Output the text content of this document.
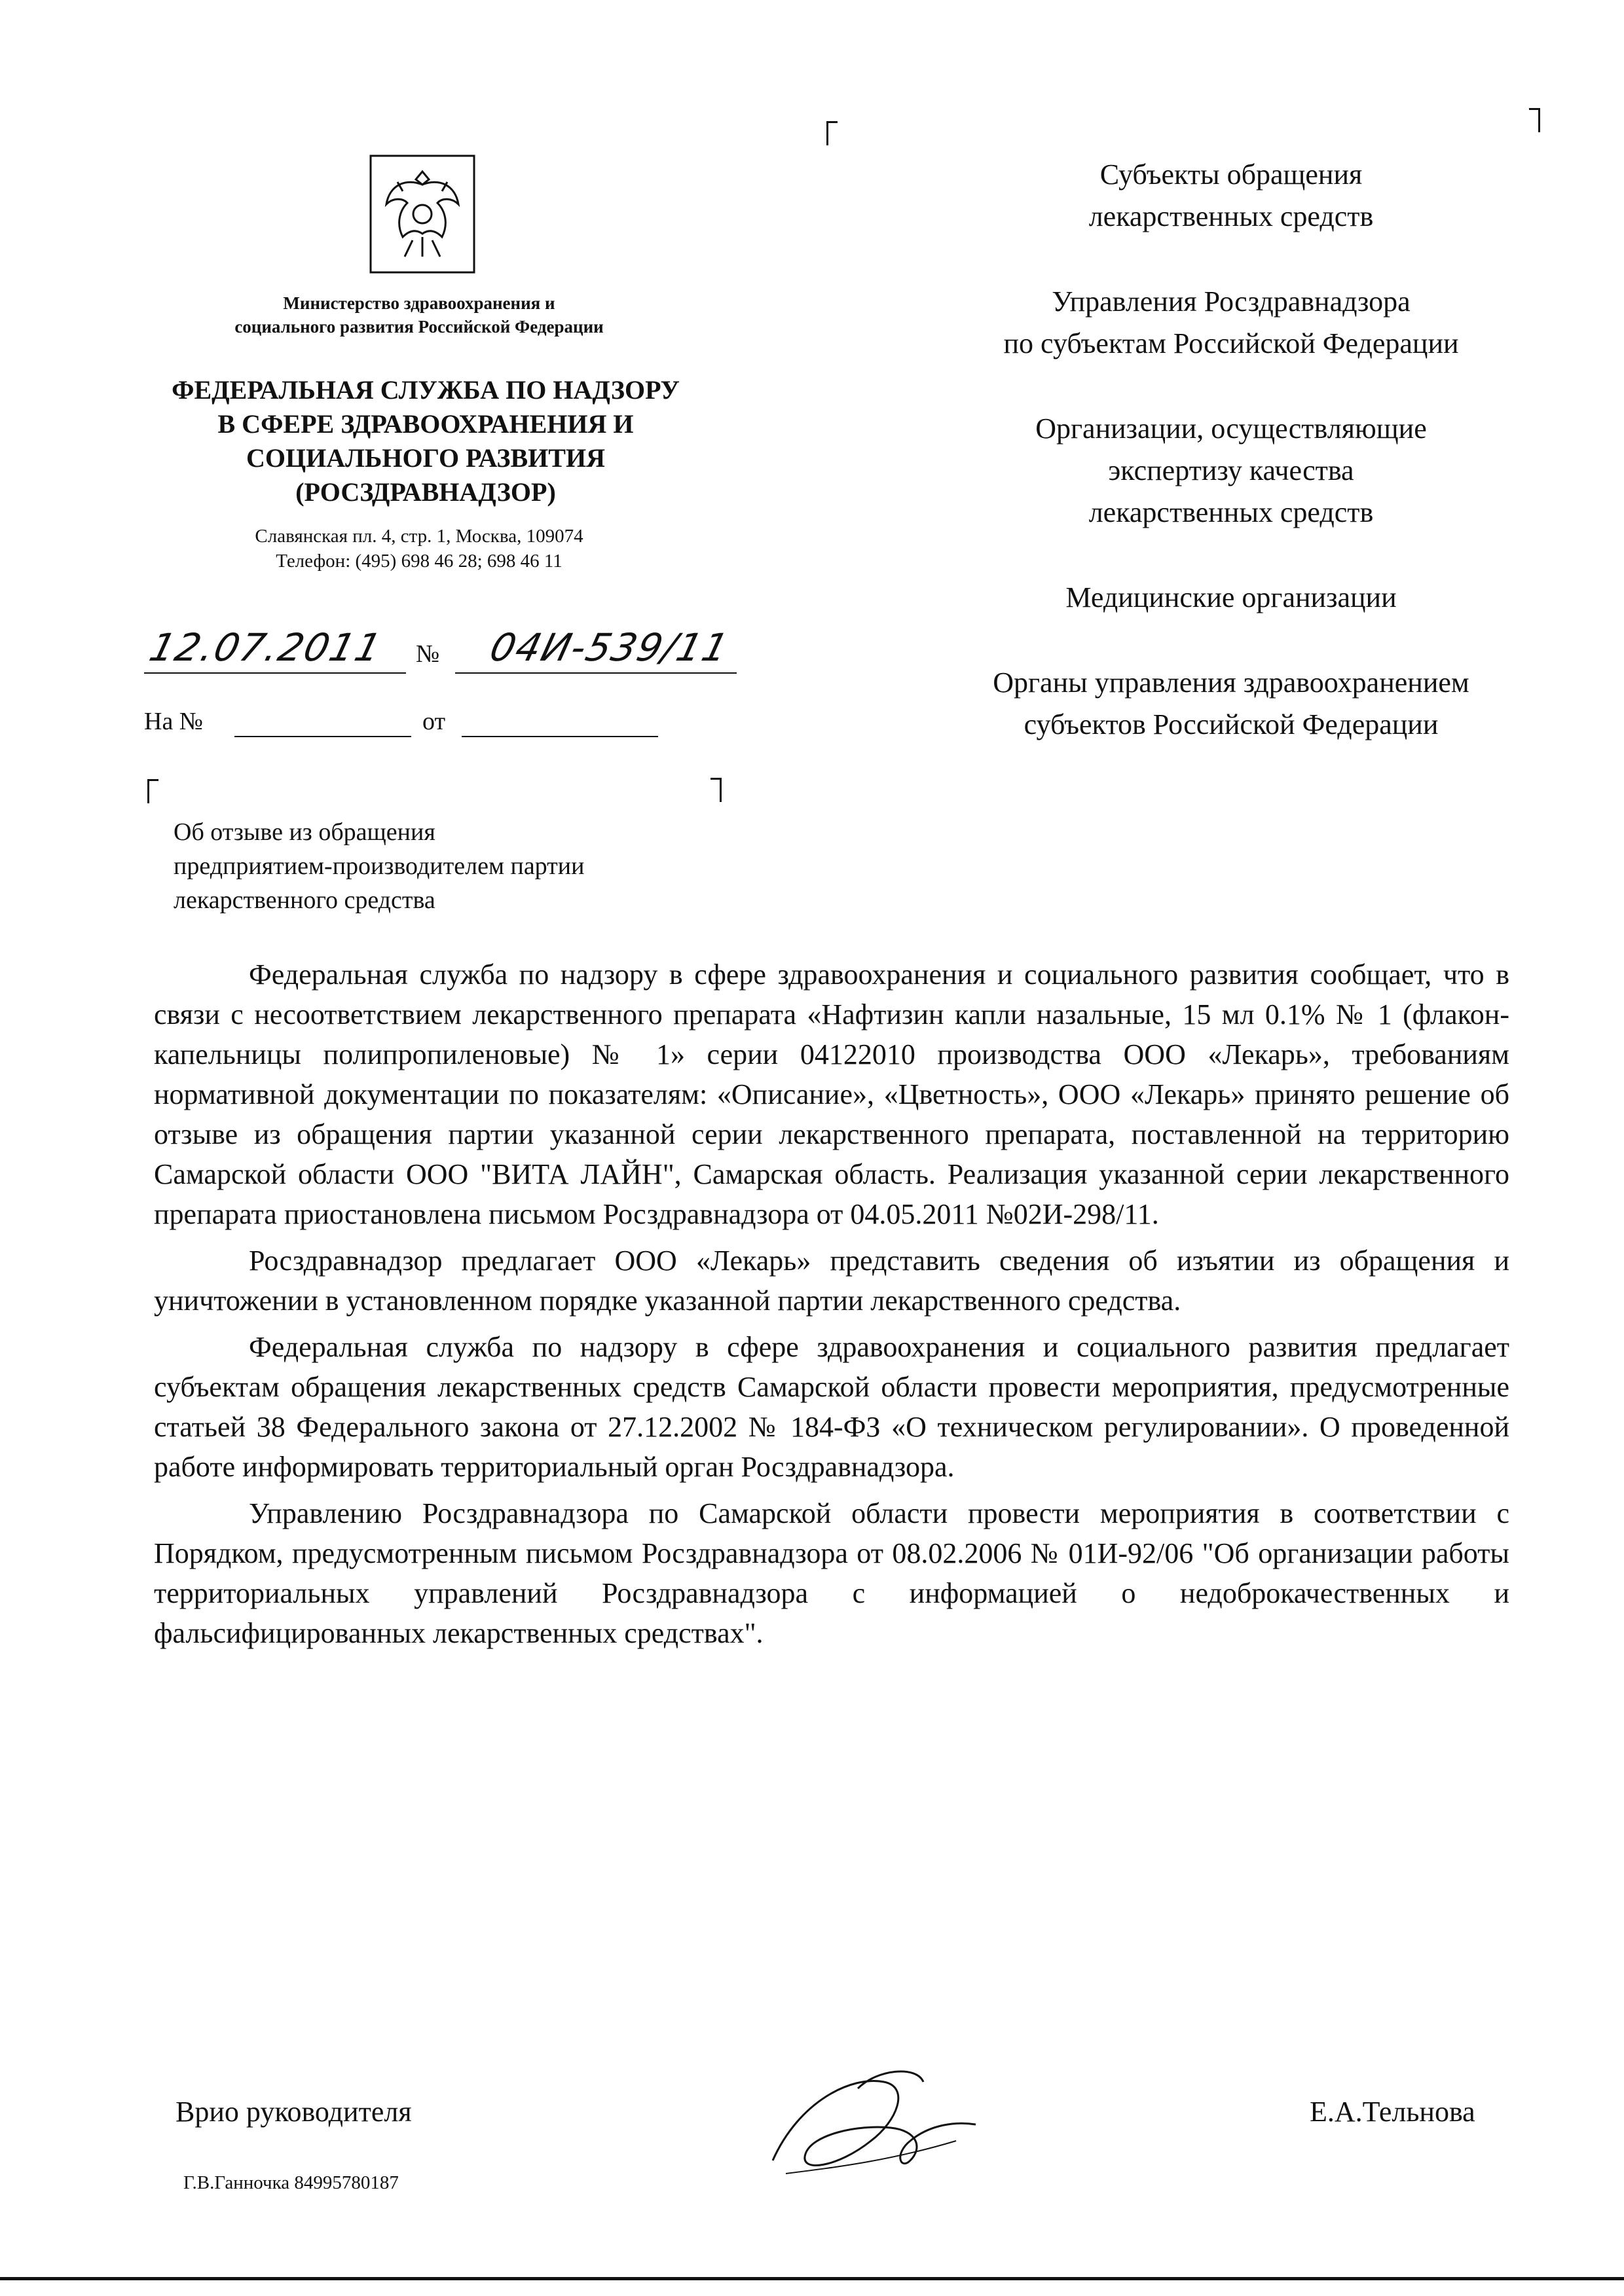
Министерство здравоохранения и
социального развития Российской Федерации
ФЕДЕРАЛЬНАЯ СЛУЖБА ПО НАДЗОРУ
В СФЕРЕ ЗДРАВООХРАНЕНИЯ И
СОЦИАЛЬНОГО РАЗВИТИЯ
(РОСЗДРАВНАДЗОР)
Славянская пл. 4, стр. 1, Москва, 109074
Телефон: (495) 698 46 28; 698 46 11
12.07.2011 № 04И-539/11
На №	от
Об отзыве из обращения
предприятием-производителем партии
лекарственного средства
Субъекты обращения
лекарственных средств
Управления Росздравнадзора
по субъектам Российской Федерации
Организации, осуществляющие
экспертизу качества
лекарственных средств
Медицинские организации
Органы управления здравоохранением
субъектов Российской Федерации

Федеральная служба по надзору в сфере здравоохранения и социального развития сообщает, что в связи с несоответствием лекарственного препарата «Нафтизин капли назальные, 15 мл 0.1% № 1 (флакон-капельницы полипропиленовые) № 1» серии 04122010 производства ООО «Лекарь», требованиям нормативной документации по показателям: «Описание», «Цветность», ООО «Лекарь» принято решение об отзыве из обращения партии указанной серии лекарственного препарата, поставленной на территорию Самарской области ООО "ВИТА ЛАЙН", Самарская область. Реализация указанной серии лекарственного препарата приостановлена письмом Росздравнадзора от 04.05.2011 №02И-298/11.

Росздравнадзор предлагает ООО «Лекарь» представить сведения об изъятии из обращения и уничтожении в установленном порядке указанной партии лекарственного средства.

Федеральная служба по надзору в сфере здравоохранения и социального развития предлагает субъектам обращения лекарственных средств Самарской области провести мероприятия, предусмотренные статьей 38 Федерального закона от 27.12.2002 № 184-ФЗ «О техническом регулировании». О проведенной работе информировать территориальный орган Росздравнадзора.

Управлению Росздравнадзора по Самарской области провести мероприятия в соответствии с Порядком, предусмотренным письмом Росздравнадзора от 08.02.2006 № 01И-92/06 "Об организации работы территориальных управлений Росздравнадзора с информацией о недоброкачественных и фальсифицированных лекарственных средствах".

Врио руководителя	Е.А.Тельнова
Г.В.Ганночка 84995780187
